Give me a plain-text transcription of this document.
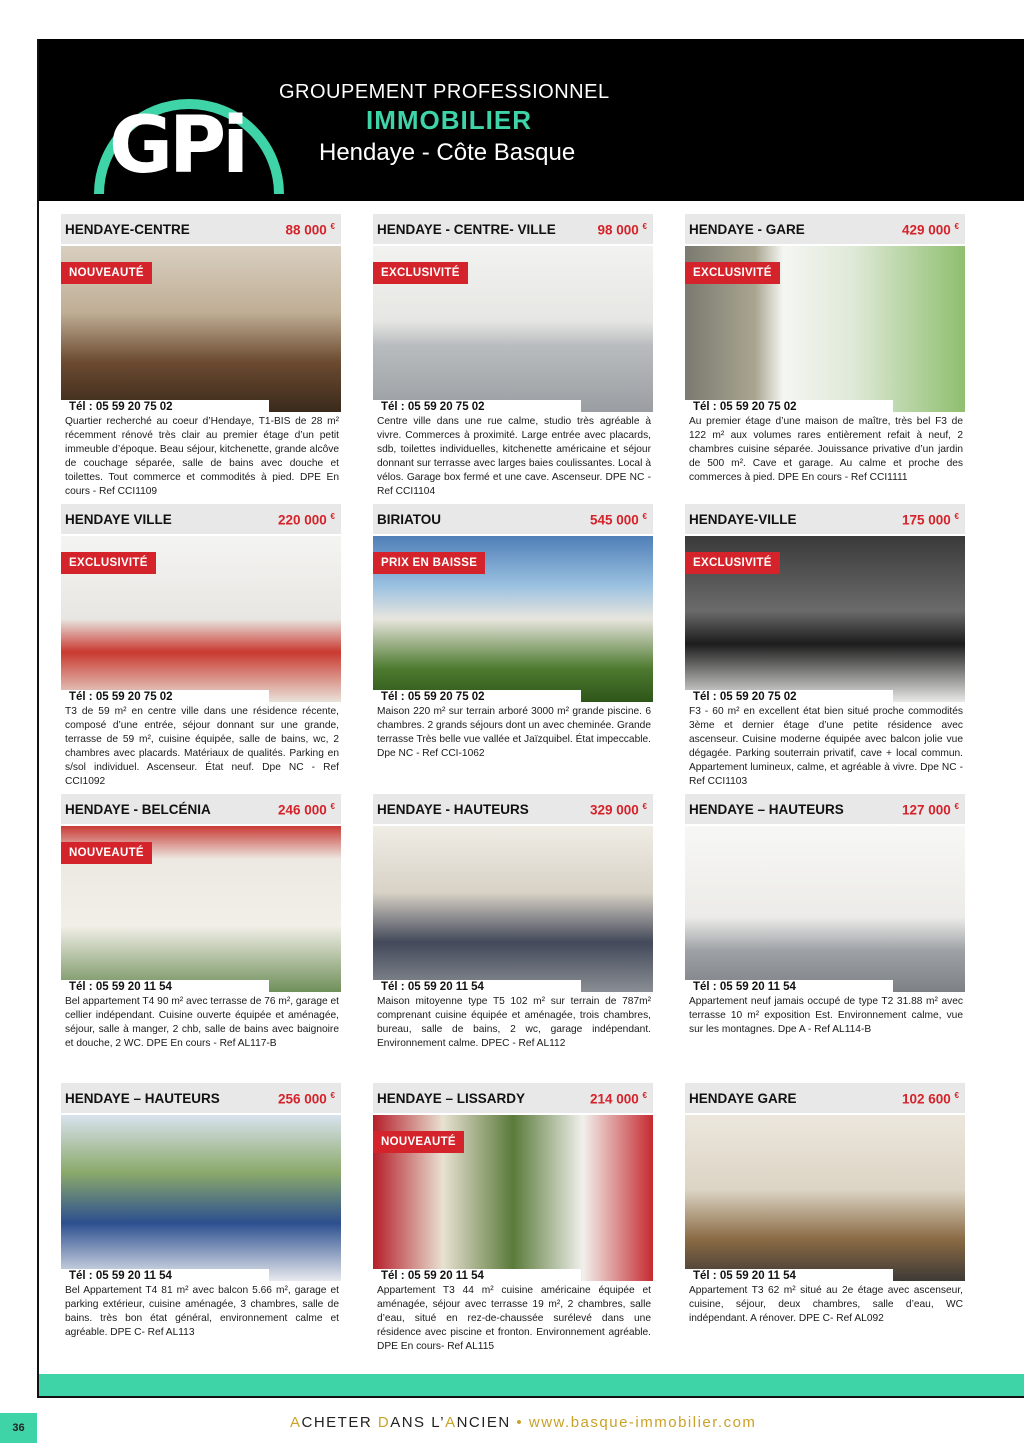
GPi
GROUPEMENT PROFESSIONNEL
IMMOBILIER
Hendaye - Côte Basque
HENDAYE-CENTRE	88 000 €
NOUVEAUTÉ
Tél : 05 59 20 75 02
Quartier recherché au coeur d’Hendaye, T1-BIS de 28 m² récemment rénové très clair au premier étage d’un petit immeuble d’époque. Beau séjour, kitchenette, grande alcôve de couchage séparée, salle de bains avec douche et toilettes. Tout commerce et commodités à pied. DPE En cours - Ref CCI1109
HENDAYE - CENTRE- VILLE	98 000 €
EXCLUSIVITÉ
Tél : 05 59 20 75 02
Centre ville dans une rue calme, studio très agréable à vivre. Commerces à proximité. Large entrée avec placards, sdb, toilettes individuelles, kitchenette américaine et séjour donnant sur terrasse avec larges baies coulissantes. Local à vélos. Garage box fermé et une cave. Ascenseur. DPE NC - Ref CCI1104
HENDAYE - GARE	429 000 €
EXCLUSIVITÉ
Tél : 05 59 20 75 02
Au premier étage d’une maison de maître, très bel F3 de 122 m² aux volumes rares entièrement refait à neuf, 2 chambres cuisine séparée. Jouissance privative d’un jardin de 500 m². Cave et garage. Au calme et proche des commerces à pied. DPE En cours - Ref CCI1111
HENDAYE VILLE	220 000 €
EXCLUSIVITÉ
Tél : 05 59 20 75 02
T3 de 59 m² en centre ville dans une résidence récente, composé d’une entrée, séjour donnant sur une grande, terrasse de 59 m², cuisine équipée, salle de bains, wc, 2 chambres avec placards. Matériaux de qualités. Parking en s/sol individuel. Ascenseur. État neuf. Dpe NC - Ref CCI1092
BIRIATOU	545 000 €
PRIX EN BAISSE
Tél : 05 59 20 75 02
Maison 220 m² sur terrain arboré 3000 m² grande piscine. 6 chambres. 2 grands séjours dont un avec cheminée. Grande terrasse Très belle vue vallée et Jaïzquibel. État impeccable. Dpe NC - Ref CCI-1062
HENDAYE-VILLE	175 000 €
EXCLUSIVITÉ
Tél : 05 59 20 75 02
F3 - 60 m² en excellent état bien situé proche commodités 3ème et dernier étage d’une petite résidence avec ascenseur. Cuisine moderne équipée avec balcon jolie vue dégagée. Parking souterrain privatif, cave + local commun. Appartement lumineux, calme, et agréable à vivre. Dpe NC - Ref CCI1103
HENDAYE - BELCÉNIA	246 000 €
NOUVEAUTÉ
Tél : 05 59 20 11 54
Bel appartement T4 90 m² avec terrasse de 76 m², garage et cellier indépendant. Cuisine ouverte équipée et aménagée, séjour, salle à manger, 2 chb, salle de bains avec baignoire et douche, 2 WC. DPE En cours - Ref AL117-B
HENDAYE - HAUTEURS	329 000 €
Tél : 05 59 20 11 54
Maison mitoyenne type T5 102 m² sur terrain de 787m² comprenant cuisine équipée et aménagée, trois chambres, bureau, salle de bains, 2 wc, garage indépendant. Environnement calme. DPEC - Ref AL112
HENDAYE – HAUTEURS	127 000 €
Tél : 05 59 20 11 54
Appartement neuf jamais occupé de type T2 31.88 m² avec terrasse 10 m² exposition Est. Environnement calme, vue sur les montagnes. Dpe A - Ref AL114-B
HENDAYE – HAUTEURS	256 000 €
Tél : 05 59 20 11 54
Bel Appartement T4 81 m² avec balcon 5.66 m², garage et parking extérieur, cuisine aménagée, 3 chambres, salle de bains. très bon état général, environnement calme et agréable. DPE C- Ref AL113
HENDAYE – LISSARDY	214 000 €
NOUVEAUTÉ
Tél : 05 59 20 11 54
Appartement T3 44 m² cuisine américaine équipée et aménagée, séjour avec terrasse 19 m², 2 chambres, salle d’eau, situé en rez-de-chaussée surélevé dans une résidence avec piscine et fronton. Environnement agréable. DPE En cours- Ref AL115
HENDAYE GARE	102 600 €
Tél : 05 59 20 11 54
Appartement T3 62 m² situé au 2e étage avec ascenseur, cuisine, séjour, deux chambres, salle d’eau, WC indépendant. A rénover. DPE C- Ref AL092
36	ACHETER DANS L’ANCIEN • www.basque-immobilier.com
